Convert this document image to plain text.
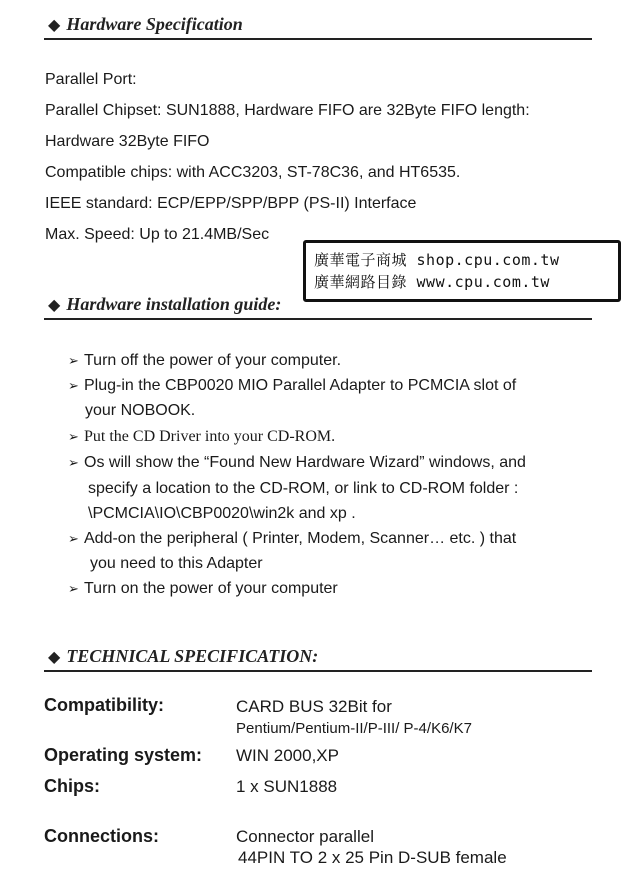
◆ Hardware Specification
Parallel Port:
Parallel Chipset: SUN1888, Hardware FIFO are 32Byte FIFO length:
Hardware 32Byte FIFO
Compatible chips: with ACC3203, ST-78C36, and HT6535.
IEEE standard: ECP/EPP/SPP/BPP (PS-II) Interface
Max. Speed: Up to 21.4MB/Sec
廣華電子商城 shop.cpu.com.tw
廣華網路目錄 www.cpu.com.tw
◆ Hardware installation guide:
➢ Turn off the power of your computer.
➢ Plug-in the CBP0020 MIO Parallel Adapter to PCMCIA slot of
your NOBOOK.
➢ Put the CD Driver into your CD-ROM.
➢ Os will show the “Found New Hardware Wizard” windows, and
specify a location to the CD-ROM, or link to CD-ROM folder :
\PCMCIA\IO\CBP0020\win2k and xp .
➢ Add-on the peripheral ( Printer, Modem, Scanner… etc. ) that
you need to this Adapter
➢ Turn on the power of your computer
◆ TECHNICAL SPECIFICATION:
Compatibility:	CARD BUS 32Bit for
Pentium/Pentium-II/P-III/ P-4/K6/K7
Operating system: WIN 2000,XP
Chips:	1 x SUN1888
Connections:	Connector parallel
44PIN TO 2 x 25 Pin D-SUB female
